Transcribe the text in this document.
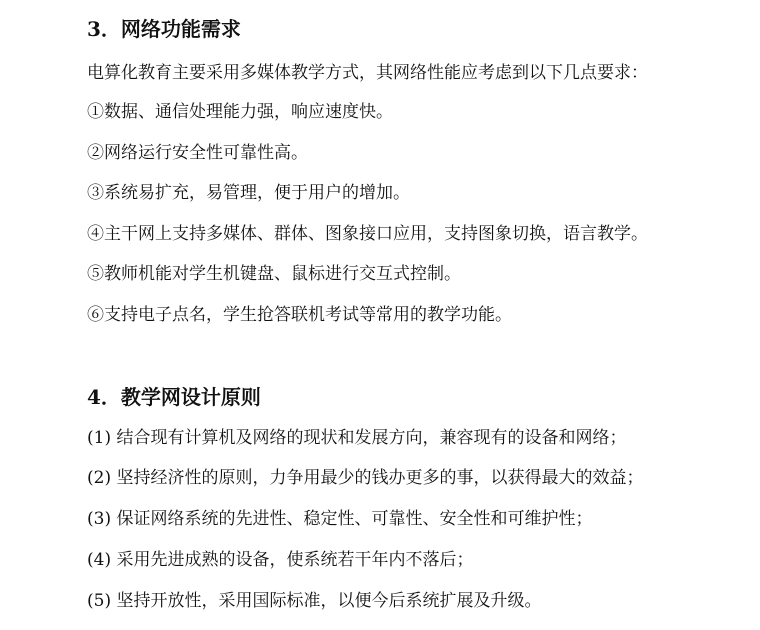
3．网络功能需求

电算化教育主要采用多媒体教学方式，其网络性能应考虑到以下几点要求：

①数据、通信处理能力强，响应速度快。

②网络运行安全性可靠性高。

③系统易扩充，易管理，便于用户的增加。

④主干网上支持多媒体、群体、图象接口应用，支持图象切换，语言教学。

⑤教师机能对学生机键盘、鼠标进行交互式控制。

⑥支持电子点名，学生抢答联机考试等常用的教学功能。

4．教学网设计原则

(1) 结合现有计算机及网络的现状和发展方向，兼容现有的设备和网络；

(2) 坚持经济性的原则，力争用最少的钱办更多的事，以获得最大的效益；

(3) 保证网络系统的先进性、稳定性、可靠性、安全性和可维护性；

(4) 采用先进成熟的设备，使系统若干年内不落后；

(5) 坚持开放性，采用国际标准，以便今后系统扩展及升级。
